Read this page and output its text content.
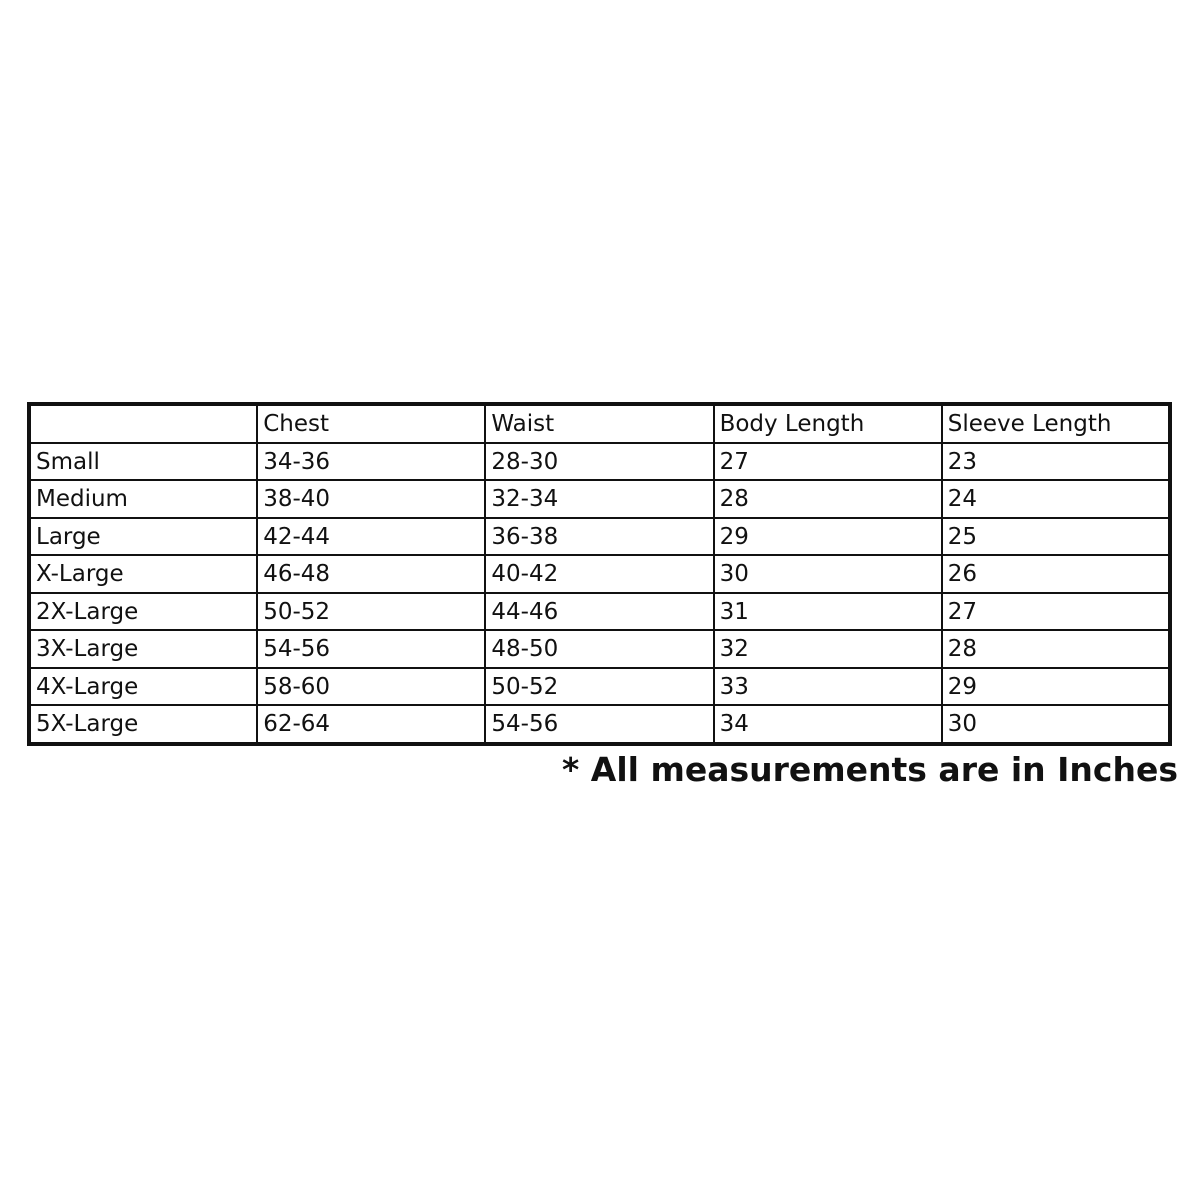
	Chest	Waist	Body Length	Sleeve Length
Small	34-36	28-30	27	23
Medium	38-40	32-34	28	24
Large	42-44	36-38	29	25
X-Large	46-48	40-42	30	26
2X-Large	50-52	44-46	31	27
3X-Large	54-56	48-50	32	28
4X-Large	58-60	50-52	33	29
5X-Large	62-64	54-56	34	30
* All measurements are in Inches
